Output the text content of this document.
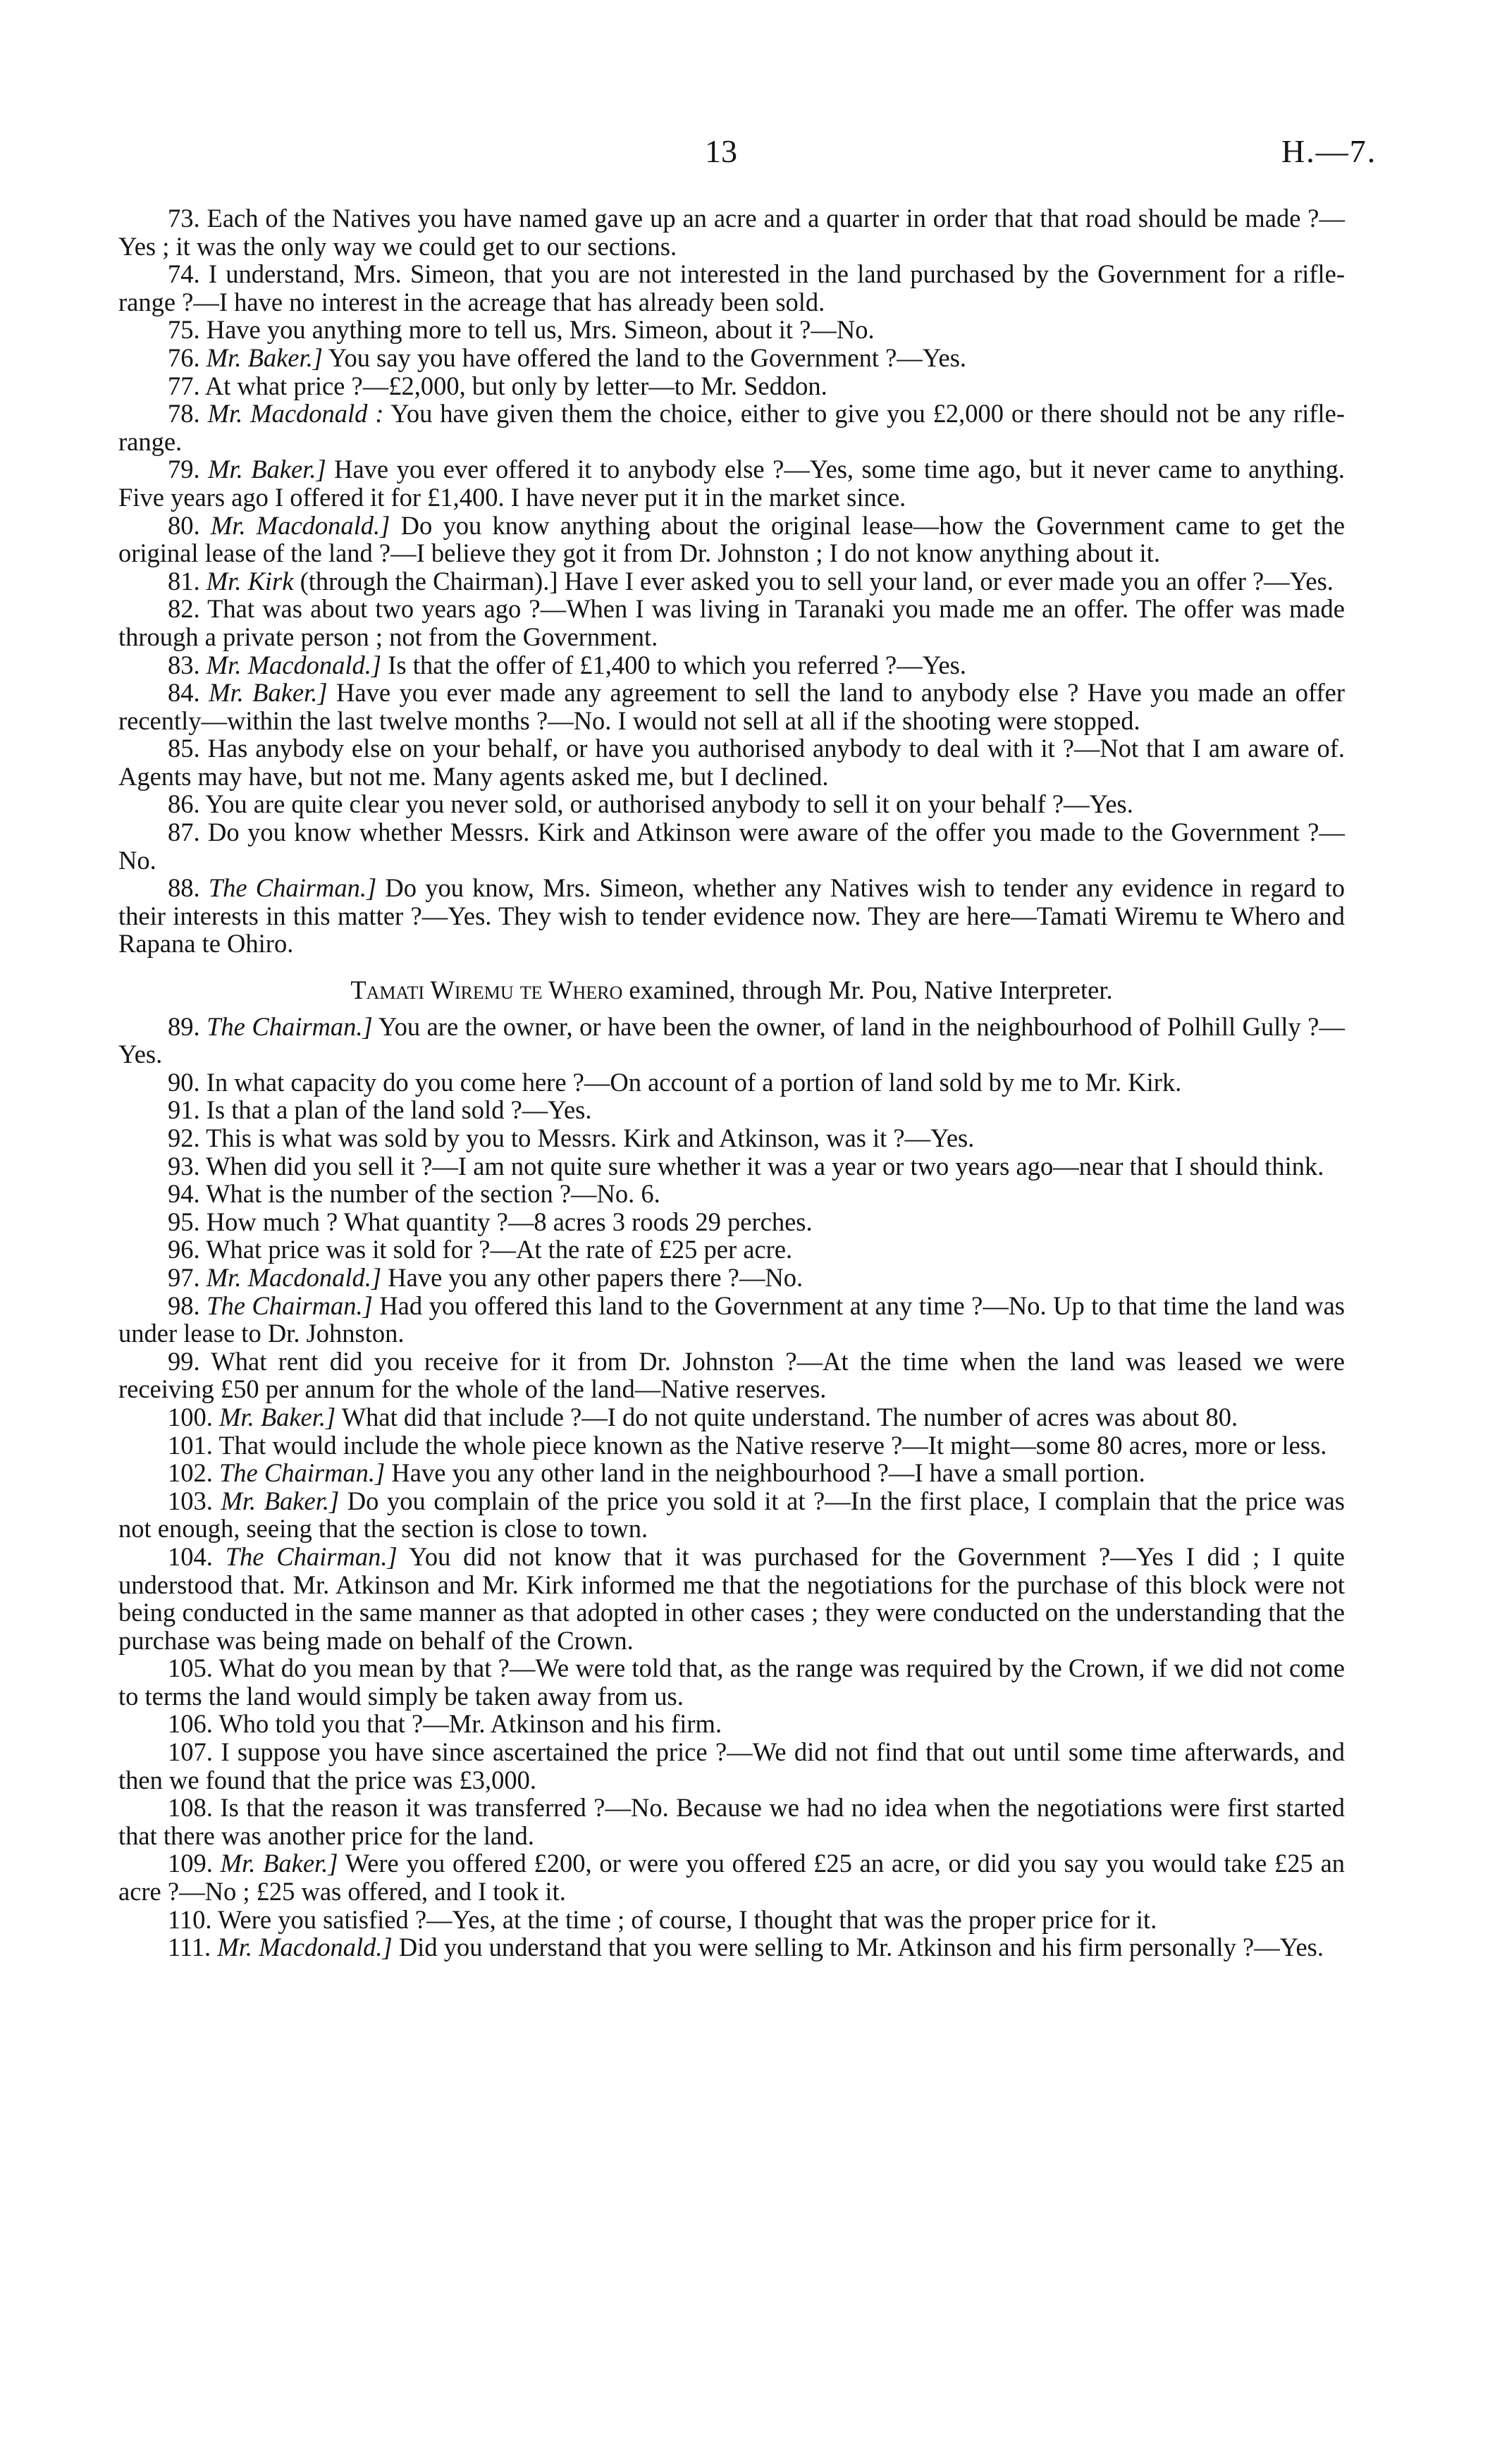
13	H.—7.
73. Each of the Natives you have named gave up an acre and a quarter in order that that road should be made ?—Yes ; it was the only way we could get to our sections.
74. I understand, Mrs. Simeon, that you are not interested in the land purchased by the Government for a rifle-range ?—I have no interest in the acreage that has already been sold.
75. Have you anything more to tell us, Mrs. Simeon, about it ?—No.
76. Mr. Baker.] You say you have offered the land to the Government ?—Yes.
77. At what price ?—£2,000, but only by letter—to Mr. Seddon.
78. Mr. Macdonald : You have given them the choice, either to give you £2,000 or there should not be any rifle-range.
79. Mr. Baker.] Have you ever offered it to anybody else ?—Yes, some time ago, but it never came to anything. Five years ago I offered it for £1,400. I have never put it in the market since.
80. Mr. Macdonald.] Do you know anything about the original lease—how the Government came to get the original lease of the land ?—I believe they got it from Dr. Johnston ; I do not know anything about it.
81. Mr. Kirk (through the Chairman).] Have I ever asked you to sell your land, or ever made you an offer ?—Yes.
82. That was about two years ago ?—When I was living in Taranaki you made me an offer. The offer was made through a private person ; not from the Government.
83. Mr. Macdonald.] Is that the offer of £1,400 to which you referred ?—Yes.
84. Mr. Baker.] Have you ever made any agreement to sell the land to anybody else ? Have you made an offer recently—within the last twelve months ?—No. I would not sell at all if the shooting were stopped.
85. Has anybody else on your behalf, or have you authorised anybody to deal with it ?—Not that I am aware of. Agents may have, but not me. Many agents asked me, but I declined.
86. You are quite clear you never sold, or authorised anybody to sell it on your behalf ?—Yes.
87. Do you know whether Messrs. Kirk and Atkinson were aware of the offer you made to the Government ?—No.
88. The Chairman.] Do you know, Mrs. Simeon, whether any Natives wish to tender any evidence in regard to their interests in this matter ?—Yes. They wish to tender evidence now. They are here—Tamati Wiremu te Whero and Rapana te Ohiro.
Tamati Wiremu te Whero examined, through Mr. Pou, Native Interpreter.
89. The Chairman.] You are the owner, or have been the owner, of land in the neighbourhood of Polhill Gully ?—Yes.
90. In what capacity do you come here ?—On account of a portion of land sold by me to Mr. Kirk.
91. Is that a plan of the land sold ?—Yes.
92. This is what was sold by you to Messrs. Kirk and Atkinson, was it ?—Yes.
93. When did you sell it ?—I am not quite sure whether it was a year or two years ago—near that I should think.
94. What is the number of the section ?—No. 6.
95. How much ? What quantity ?—8 acres 3 roods 29 perches.
96. What price was it sold for ?—At the rate of £25 per acre.
97. Mr. Macdonald.] Have you any other papers there ?—No.
98. The Chairman.] Had you offered this land to the Government at any time ?—No. Up to that time the land was under lease to Dr. Johnston.
99. What rent did you receive for it from Dr. Johnston ?—At the time when the land was leased we were receiving £50 per annum for the whole of the land—Native reserves.
100. Mr. Baker.] What did that include ?—I do not quite understand. The number of acres was about 80.
101. That would include the whole piece known as the Native reserve ?—It might—some 80 acres, more or less.
102. The Chairman.] Have you any other land in the neighbourhood ?—I have a small portion.
103. Mr. Baker.] Do you complain of the price you sold it at ?—In the first place, I complain that the price was not enough, seeing that the section is close to town.
104. The Chairman.] You did not know that it was purchased for the Government ?—Yes I did ; I quite understood that. Mr. Atkinson and Mr. Kirk informed me that the negotiations for the purchase of this block were not being conducted in the same manner as that adopted in other cases ; they were conducted on the understanding that the purchase was being made on behalf of the Crown.
105. What do you mean by that ?—We were told that, as the range was required by the Crown, if we did not come to terms the land would simply be taken away from us.
106. Who told you that ?—Mr. Atkinson and his firm.
107. I suppose you have since ascertained the price ?—We did not find that out until some time afterwards, and then we found that the price was £3,000.
108. Is that the reason it was transferred ?—No. Because we had no idea when the negotiations were first started that there was another price for the land.
109. Mr. Baker.] Were you offered £200, or were you offered £25 an acre, or did you say you would take £25 an acre ?—No ; £25 was offered, and I took it.
110. Were you satisfied ?—Yes, at the time ; of course, I thought that was the proper price for it.
111. Mr. Macdonald.] Did you understand that you were selling to Mr. Atkinson and his firm personally ?—Yes.
